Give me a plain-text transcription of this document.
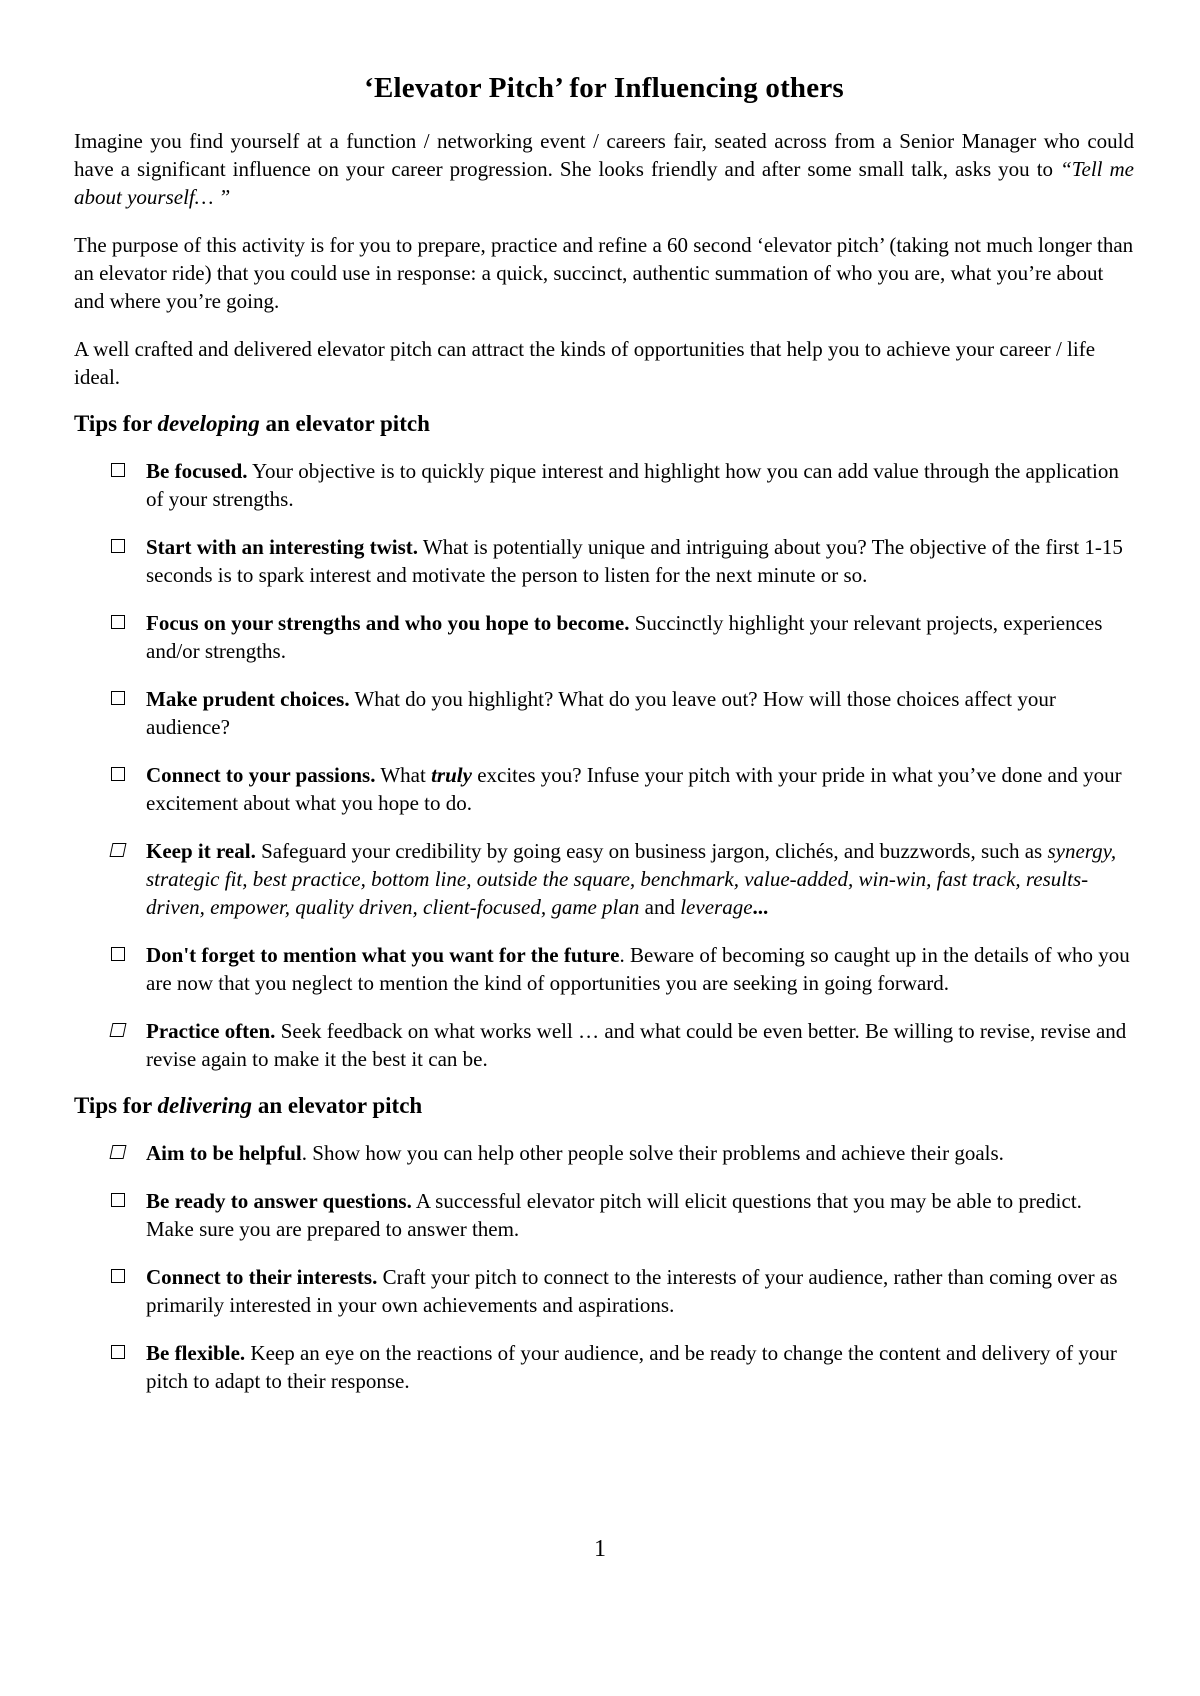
‘Elevator Pitch’ for Influencing others

Imagine you find yourself at a function / networking event / careers fair, seated across from a Senior Manager who could have a significant influence on your career progression. She looks friendly and after some small talk, asks you to “Tell me about yourself… ”

The purpose of this activity is for you to prepare, practice and refine a 60 second ‘elevator pitch’ (taking not much longer than an elevator ride) that you could use in response: a quick, succinct, authentic summation of who you are, what you’re about and where you’re going.

A well crafted and delivered elevator pitch can attract the kinds of opportunities that help you to achieve your career / life ideal.

Tips for developing an elevator pitch
Be focused. Your objective is to quickly pique interest and highlight how you can add value through the application of your strengths.
Start with an interesting twist. What is potentially unique and intriguing about you? The objective of the first 1-15 seconds is to spark interest and motivate the person to listen for the next minute or so.
Focus on your strengths and who you hope to become. Succinctly highlight your relevant projects, experiences and/or strengths.
Make prudent choices. What do you highlight? What do you leave out? How will those choices affect your audience?
Connect to your passions. What truly excites you? Infuse your pitch with your pride in what you’ve done and your excitement about what you hope to do.
Keep it real. Safeguard your credibility by going easy on business jargon, clichés, and buzzwords, such as synergy, strategic fit, best practice, bottom line, outside the square, benchmark, value-added, win-win, fast track, results-driven, empower, quality driven, client-focused, game plan and leverage...
Don't forget to mention what you want for the future. Beware of becoming so caught up in the details of who you are now that you neglect to mention the kind of opportunities you are seeking in going forward.
Practice often. Seek feedback on what works well … and what could be even better. Be willing to revise, revise and revise again to make it the best it can be.
Tips for delivering an elevator pitch
Aim to be helpful. Show how you can help other people solve their problems and achieve their goals.
Be ready to answer questions. A successful elevator pitch will elicit questions that you may be able to predict. Make sure you are prepared to answer them.
Connect to their interests. Craft your pitch to connect to the interests of your audience, rather than coming over as primarily interested in your own achievements and aspirations.
Be flexible. Keep an eye on the reactions of your audience, and be ready to change the content and delivery of your pitch to adapt to their response.
1
